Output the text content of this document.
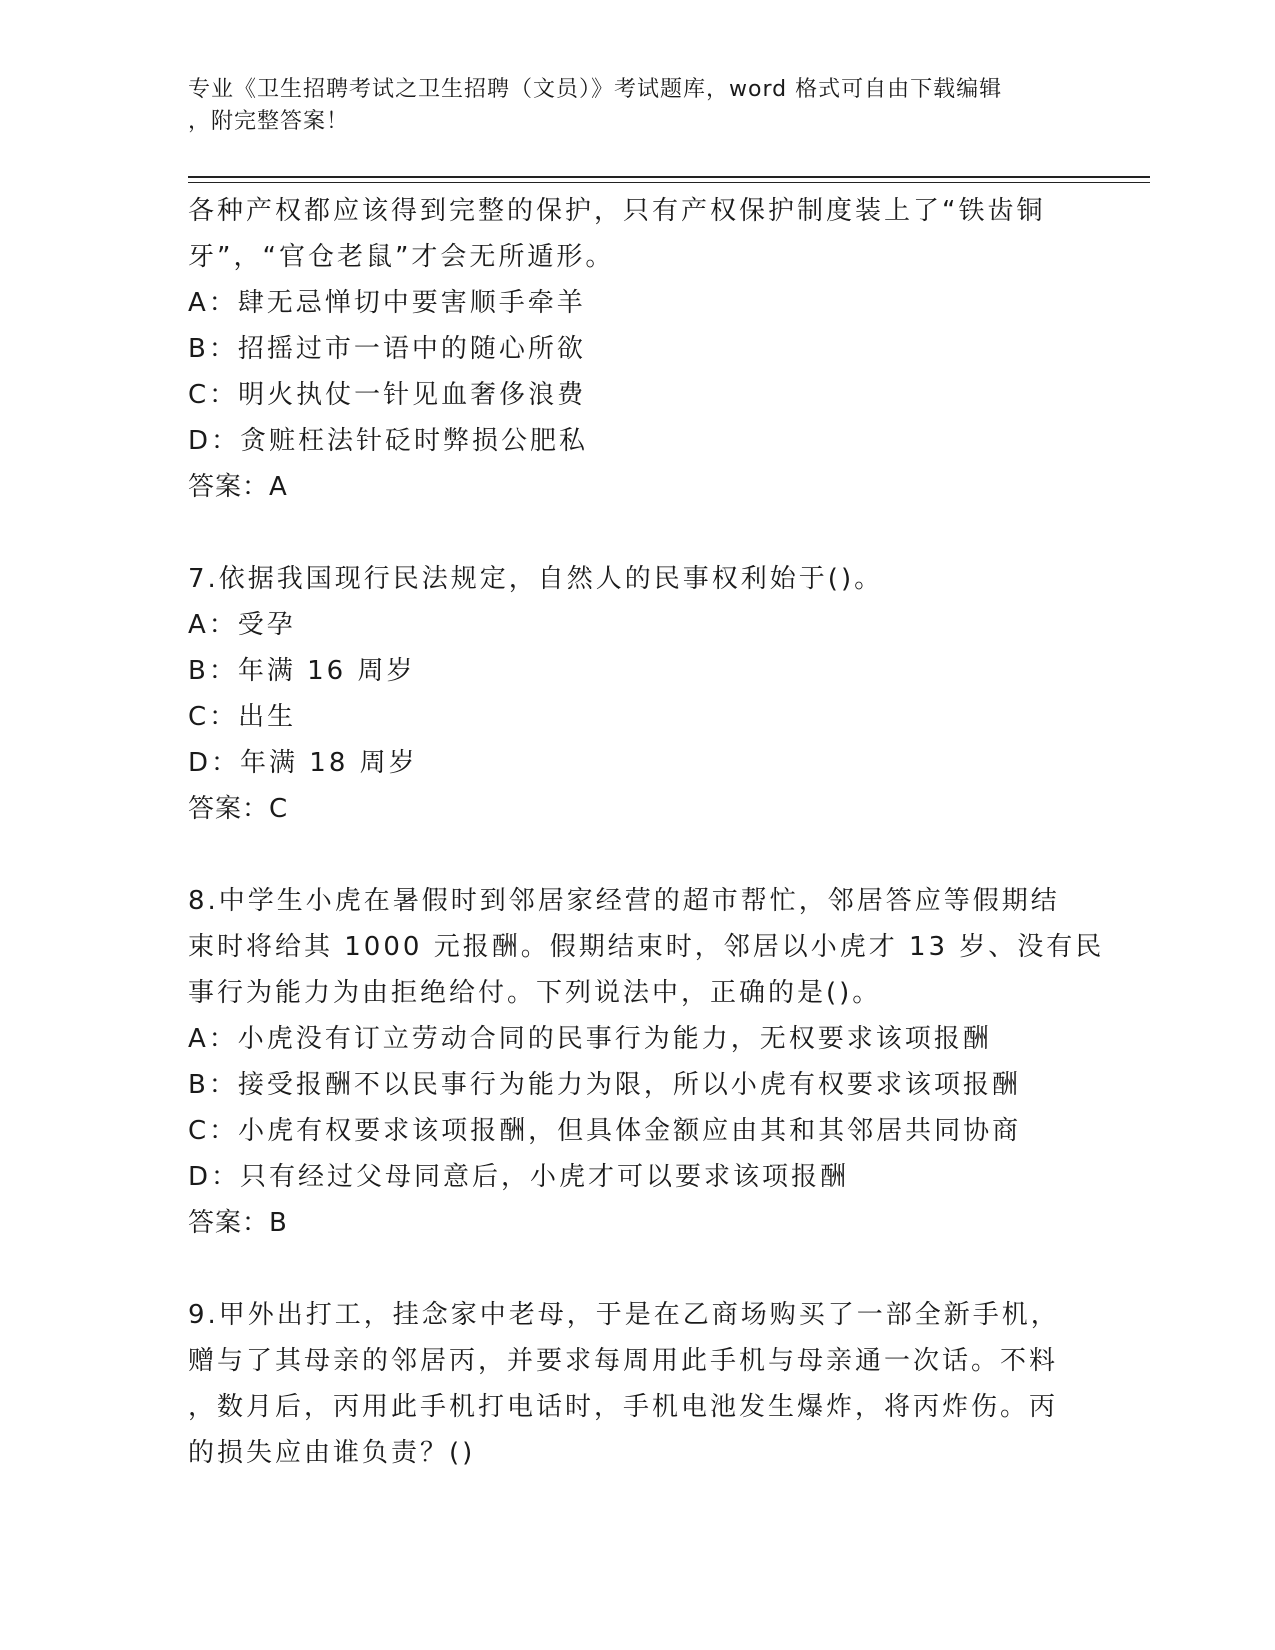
专业《卫生招聘考试之卫生招聘（文员）》考试题库，word 格式可自由下载编辑
，附完整答案！
各种产权都应该得到完整的保护，只有产权保护制度装上了“铁齿铜
牙”，“官仓老鼠”才会无所遁形。
A：肆无忌惮切中要害顺手牵羊
B：招摇过市一语中的随心所欲
C：明火执仗一针见血奢侈浪费
D：贪赃枉法针砭时弊损公肥私
答案：A
7.依据我国现行民法规定，自然人的民事权利始于()。
A：受孕
B：年满 16 周岁
C：出生
D：年满 18 周岁
答案：C
8.中学生小虎在暑假时到邻居家经营的超市帮忙，邻居答应等假期结
束时将给其 1000 元报酬。假期结束时，邻居以小虎才 13 岁、没有民
事行为能力为由拒绝给付。下列说法中，正确的是()。
A：小虎没有订立劳动合同的民事行为能力，无权要求该项报酬
B：接受报酬不以民事行为能力为限，所以小虎有权要求该项报酬
C：小虎有权要求该项报酬，但具体金额应由其和其邻居共同协商
D：只有经过父母同意后，小虎才可以要求该项报酬
答案：B
9.甲外出打工，挂念家中老母，于是在乙商场购买了一部全新手机，
赠与了其母亲的邻居丙，并要求每周用此手机与母亲通一次话。不料
，数月后，丙用此手机打电话时，手机电池发生爆炸，将丙炸伤。丙
的损失应由谁负责？()
